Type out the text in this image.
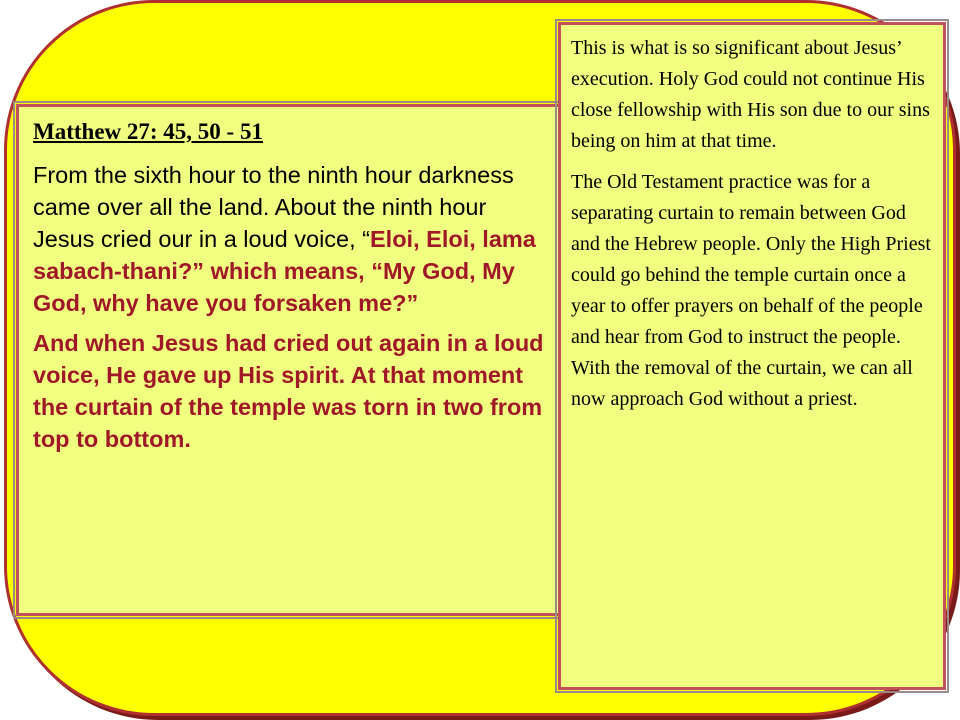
Matthew 27: 45, 50 - 51

From the sixth hour to the ninth hour darkness came over all the land. About the ninth hour Jesus cried our in a loud voice, “Eloi, Eloi, lama sabach-thani?” which means, “My God, My God, why have you forsaken me?”

And when Jesus had cried out again in a loud voice, He gave up His spirit. At that moment the curtain of the temple was torn in two from top to bottom.

This is what is so significant about Jesus’ execution. Holy God could not continue His close fellowship with His son due to our sins being on him at that time.

The Old Testament practice was for a separating curtain to remain between God and the Hebrew people. Only the High Priest could go behind the temple curtain once a year to offer prayers on behalf of the people and hear from God to instruct the people. With the removal of the curtain, we can all now approach God without a priest.
